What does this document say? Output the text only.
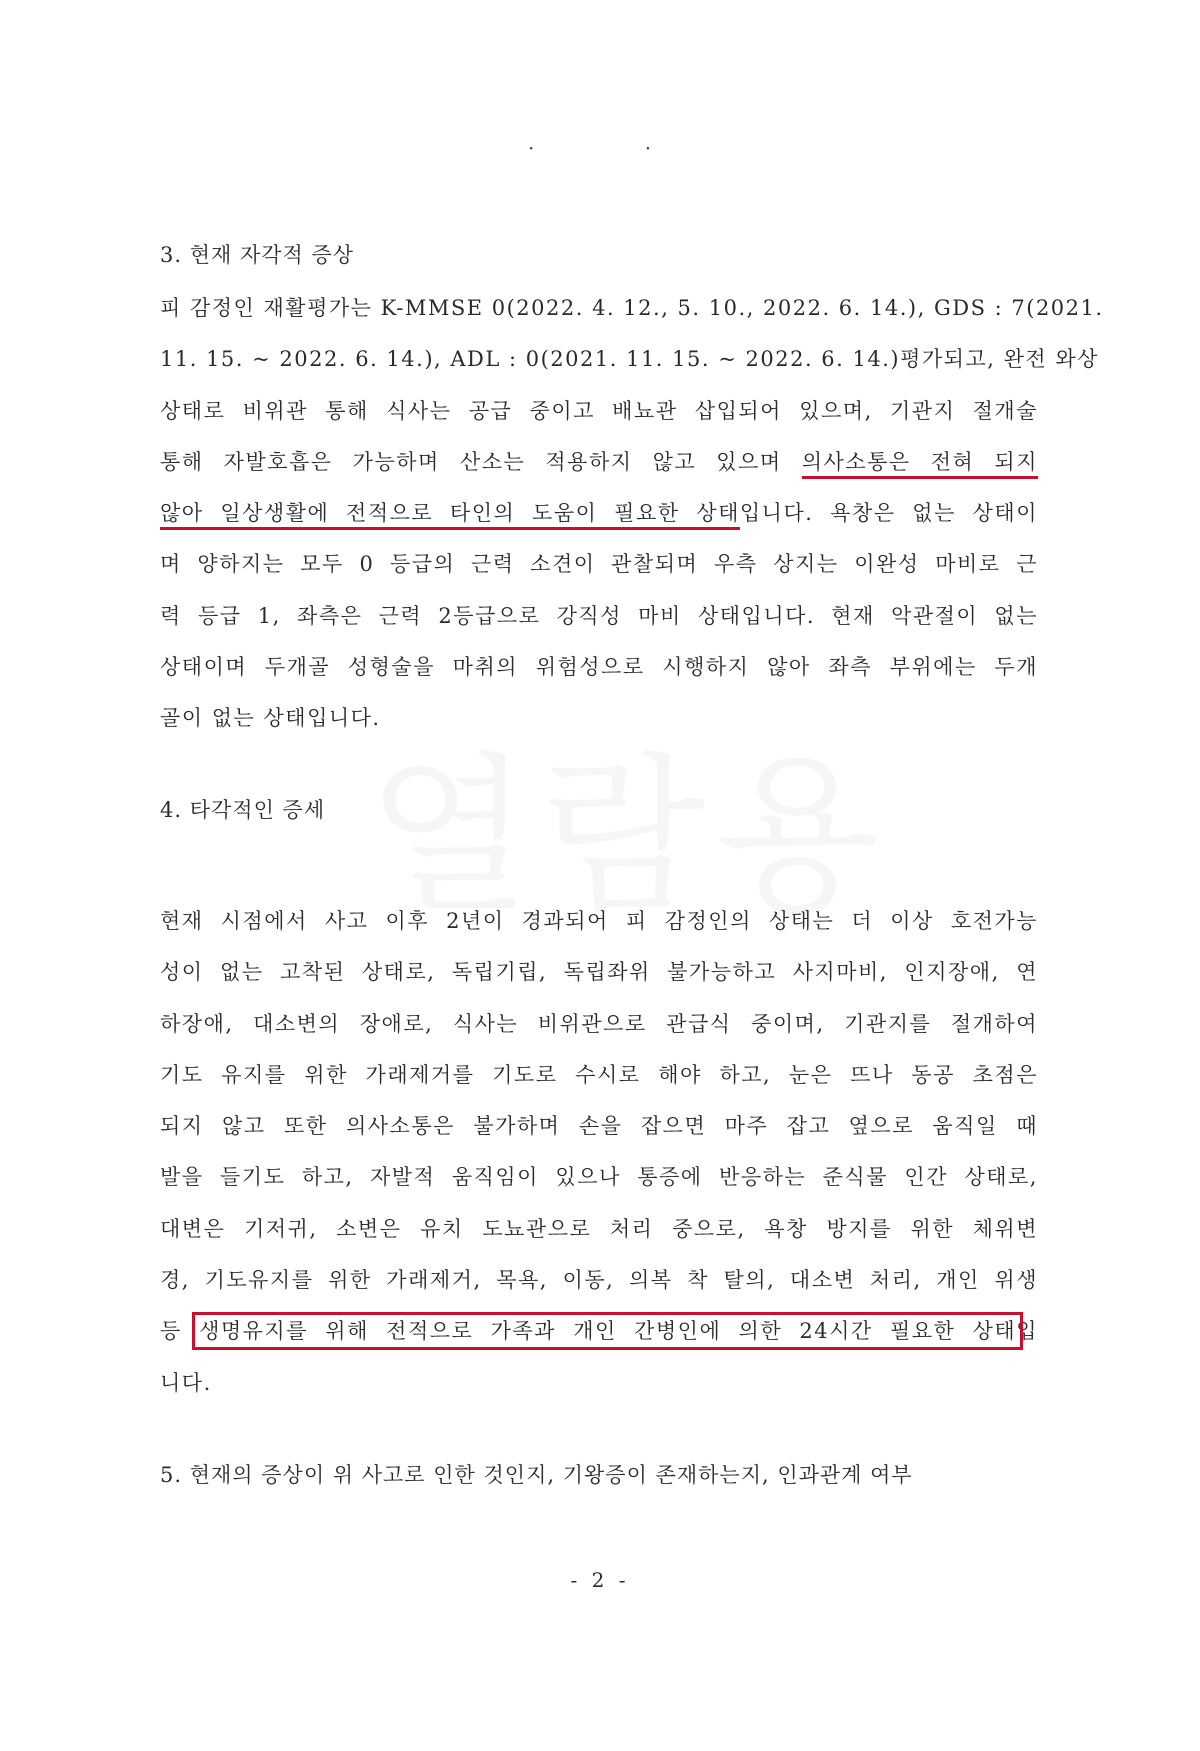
· ·

3. 현재 자각적 증상

피 감정인 재활평가는 K-MMSE 0(2022. 4. 12., 5. 10., 2022. 6. 14.), GDS : 7(2021.
11. 15. ~ 2022. 6. 14.), ADL : 0(2021. 11. 15. ~ 2022. 6. 14.)평가되고, 완전 와상
상태로 비위관 통해 식사는 공급 중이고 배뇨관 삽입되어 있으며, 기관지 절개술
통해 자발호흡은 가능하며 산소는 적용하지 않고 있으며 의사소통은 전혀 되지
않아 일상생활에 전적으로 타인의 도움이 필요한 상태입니다. 욕창은 없는 상태이
며 양하지는 모두 0 등급의 근력 소견이 관찰되며 우측 상지는 이완성 마비로 근
력 등급 1, 좌측은 근력 2등급으로 강직성 마비 상태입니다. 현재 악관절이 없는
상태이며 두개골 성형술을 마취의 위험성으로 시행하지 않아 좌측 부위에는 두개
골이 없는 상태입니다.

4. 타각적인 증세

현재 시점에서 사고 이후 2년이 경과되어 피 감정인의 상태는 더 이상 호전가능
성이 없는 고착된 상태로, 독립기립, 독립좌위 불가능하고 사지마비, 인지장애, 연
하장애, 대소변의 장애로, 식사는 비위관으로 관급식 중이며, 기관지를 절개하여
기도 유지를 위한 가래제거를 기도로 수시로 해야 하고, 눈은 뜨나 동공 초점은
되지 않고 또한 의사소통은 불가하며 손을 잡으면 마주 잡고 옆으로 움직일 때
발을 들기도 하고, 자발적 움직임이 있으나 통증에 반응하는 준식물 인간 상태로,
대변은 기저귀, 소변은 유치 도뇨관으로 처리 중으로, 욕창 방지를 위한 체위변
경, 기도유지를 위한 가래제거, 목욕, 이동, 의복 착 탈의, 대소변 처리, 개인 위생
등 생명유지를 위해 전적으로 가족과 개인 간병인에 의한 24시간 필요한 상태입
니다.

5. 현재의 증상이 위 사고로 인한 것인지, 기왕증이 존재하는지, 인과관계 여부

- 2 -
